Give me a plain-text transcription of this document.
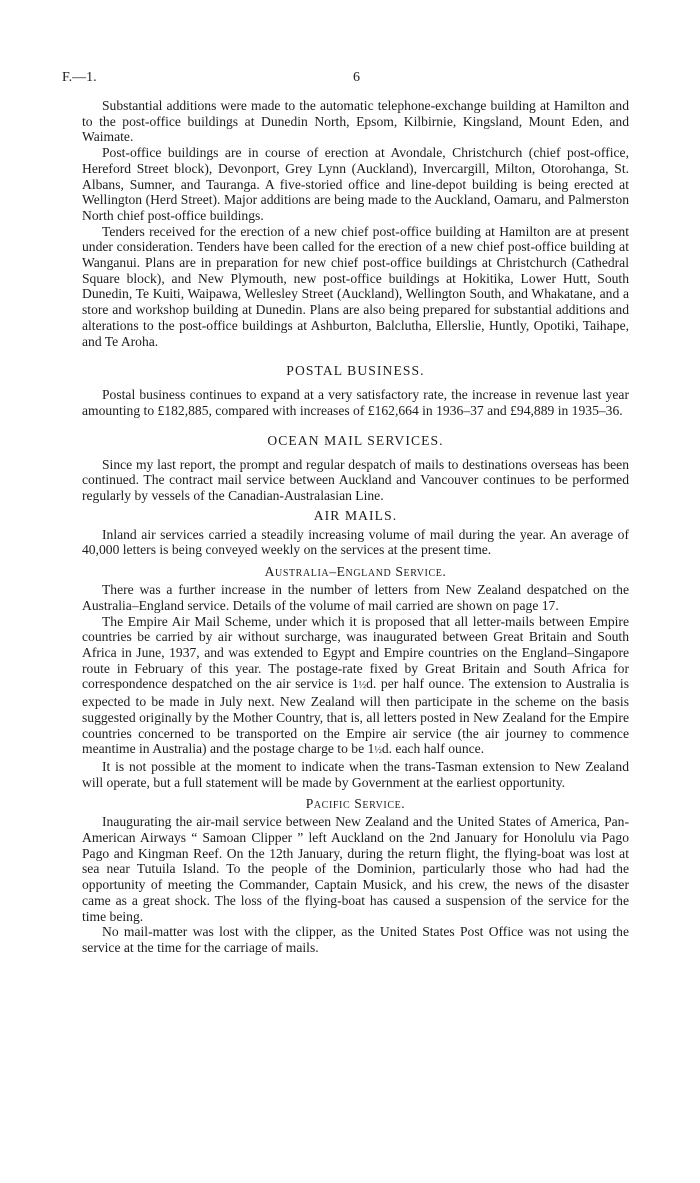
F.—1.	6

Substantial additions were made to the automatic telephone-exchange building at Hamilton and to the post-office buildings at Dunedin North, Epsom, Kilbirnie, Kingsland, Mount Eden, and Waimate.

Post-office buildings are in course of erection at Avondale, Christchurch (chief post-office, Hereford Street block), Devonport, Grey Lynn (Auckland), Invercargill, Milton, Otorohanga, St. Albans, Sumner, and Tauranga. A five-storied office and line-depot building is being erected at Wellington (Herd Street). Major additions are being made to the Auckland, Oamaru, and Palmerston North chief post-office buildings.

Tenders received for the erection of a new chief post-office building at Hamilton are at present under consideration. Tenders have been called for the erection of a new chief post-office building at Wanganui. Plans are in preparation for new chief post-office buildings at Christchurch (Cathedral Square block), and New Plymouth, new post-office buildings at Hokitika, Lower Hutt, South Dunedin, Te Kuiti, Waipawa, Wellesley Street (Auckland), Wellington South, and Whakatane, and a store and workshop building at Dunedin. Plans are also being prepared for substantial additions and alterations to the post-office buildings at Ashburton, Balclutha, Ellerslie, Huntly, Opotiki, Taihape, and Te Aroha.

POSTAL BUSINESS.

Postal business continues to expand at a very satisfactory rate, the increase in revenue last year amounting to £182,885, compared with increases of £162,664 in 1936–37 and £94,889 in 1935–36.

OCEAN MAIL SERVICES.

Since my last report, the prompt and regular despatch of mails to destinations overseas has been continued. The contract mail service between Auckland and Vancouver continues to be performed regularly by vessels of the Canadian-Australasian Line.

AIR MAILS.

Inland air services carried a steadily increasing volume of mail during the year. An average of 40,000 letters is being conveyed weekly on the services at the present time.

Australia–England Service.

There was a further increase in the number of letters from New Zealand despatched on the Australia–England service. Details of the volume of mail carried are shown on page 17.

The Empire Air Mail Scheme, under which it is proposed that all letter-mails between Empire countries be carried by air without surcharge, was inaugurated between Great Britain and South Africa in June, 1937, and was extended to Egypt and Empire countries on the England–Singapore route in February of this year. The postage-rate fixed by Great Britain and South Africa for correspondence despatched on the air service is 1½d. per half ounce. The extension to Australia is expected to be made in July next. New Zealand will then participate in the scheme on the basis suggested originally by the Mother Country, that is, all letters posted in New Zealand for the Empire countries concerned to be transported on the Empire air service (the air journey to commence meantime in Australia) and the postage charge to be 1½d. each half ounce.

It is not possible at the moment to indicate when the trans-Tasman extension to New Zealand will operate, but a full statement will be made by Government at the earliest opportunity.

Pacific Service.

Inaugurating the air-mail service between New Zealand and the United States of America, Pan-American Airways “ Samoan Clipper ” left Auckland on the 2nd January for Honolulu via Pago Pago and Kingman Reef. On the 12th January, during the return flight, the flying-boat was lost at sea near Tutuila Island. To the people of the Dominion, particularly those who had had the opportunity of meeting the Commander, Captain Musick, and his crew, the news of the disaster came as a great shock. The loss of the flying-boat has caused a suspension of the service for the time being.

No mail-matter was lost with the clipper, as the United States Post Office was not using the service at the time for the carriage of mails.
